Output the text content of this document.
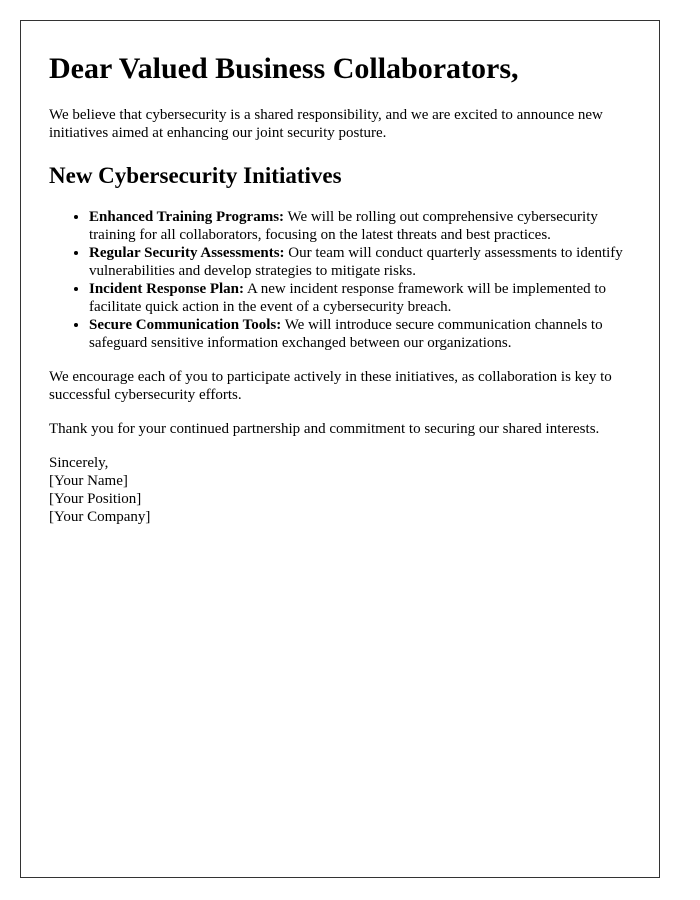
Dear Valued Business Collaborators,

We believe that cybersecurity is a shared responsibility, and we are excited to announce new initiatives aimed at enhancing our joint security posture.

New Cybersecurity Initiatives
• Enhanced Training Programs: We will be rolling out comprehensive cybersecurity training for all collaborators, focusing on the latest threats and best practices.
• Regular Security Assessments: Our team will conduct quarterly assessments to identify vulnerabilities and develop strategies to mitigate risks.
• Incident Response Plan: A new incident response framework will be implemented to facilitate quick action in the event of a cybersecurity breach.
• Secure Communication Tools: We will introduce secure communication channels to safeguard sensitive information exchanged between our organizations.

We encourage each of you to participate actively in these initiatives, as collaboration is key to successful cybersecurity efforts.

Thank you for your continued partnership and commitment to securing our shared interests.

Sincerely,

[Your Name]

[Your Position]

[Your Company]
